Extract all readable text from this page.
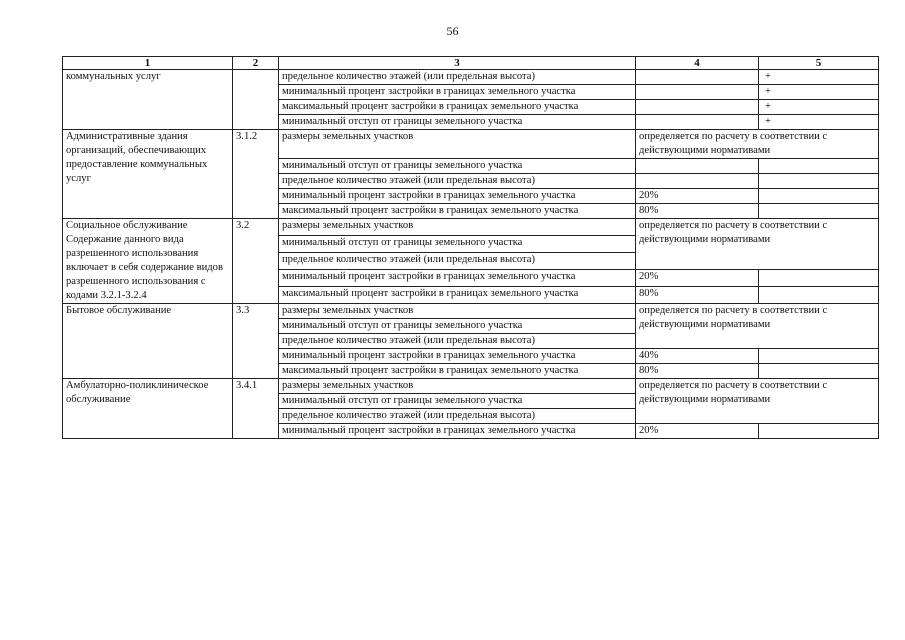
56
1	2	3	4	5
коммунальных услуг		предельное количество этажей (или предельная высота)		+
		минимальный процент застройки в границах земельного участка		+
		максимальный процент застройки в границах земельного участка		+
		минимальный отступ от границы земельного участка		+
Административные здания организаций, обеспечивающих предоставление коммунальных услуг	3.1.2	размеры земельных участков	определяется по расчету в соответствии с действующими нормативами	
		минимальный отступ от границы земельного участка		
		предельное количество этажей (или предельная высота)		
		минимальный процент застройки в границах земельного участка	20%	
		максимальный процент застройки в границах земельного участка	80%	
Социальное обслуживание Содержание данного вида разрешенного использования включает в себя содержание видов разрешенного использования с кодами 3.2.1-3.2.4	3.2	размеры земельных участков	определяется по расчету в соответствии с действующими нормативами	
		минимальный отступ от границы земельного участка		
		предельное количество этажей (или предельная высота)		
		минимальный процент застройки в границах земельного участка	20%	
		максимальный процент застройки в границах земельного участка	80%	
Бытовое обслуживание	3.3	размеры земельных участков	определяется по расчету в соответствии с действующими нормативами	
		минимальный отступ от границы земельного участка		
		предельное количество этажей (или предельная высота)		
		минимальный процент застройки в границах земельного участка	40%	
		максимальный процент застройки в границах земельного участка	80%	
Амбулаторно-поликлиническое обслуживание	3.4.1	размеры земельных участков	определяется по расчету в соответствии с действующими нормативами	
		минимальный отступ от границы земельного участка		
		предельное количество этажей (или предельная высота)		
		минимальный процент застройки в границах земельного участка	20%	
